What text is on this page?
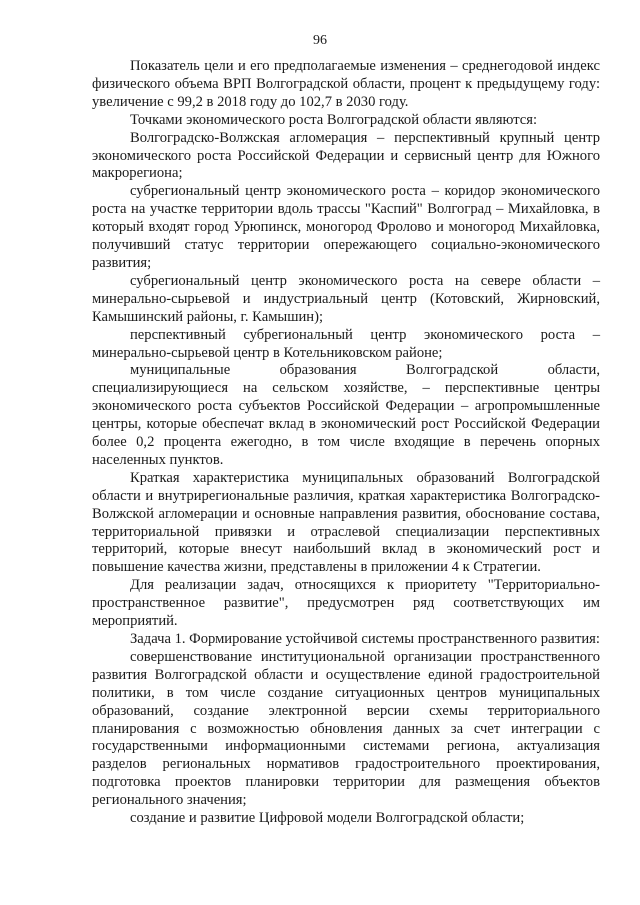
96

Показатель цели и его предполагаемые изменения – среднегодовой индекс физического объема ВРП Волгоградской области, процент к предыдущему году: увеличение с 99,2 в 2018 году до 102,7 в 2030 году.

Точками экономического роста Волгоградской области являются:

Волгоградско-Волжская агломерация – перспективный крупный центр экономического роста Российской Федерации и сервисный центр для Южного макрорегиона;

субрегиональный центр экономического роста – коридор экономического роста на участке территории вдоль трассы "Каспий" Волгоград – Михайловка, в который входят город Урюпинск, моногород Фролово и моногород Михайловка, получивший статус территории опережающего социально-экономического развития;

субрегиональный центр экономического роста на севере области – минерально-сырьевой и индустриальный центр (Котовский, Жирновский, Камышинский районы, г. Камышин);

перспективный субрегиональный центр экономического роста – минерально-сырьевой центр в Котельниковском районе;

муниципальные образования Волгоградской области, специализирующиеся на сельском хозяйстве, – перспективные центры экономического роста субъектов Российской Федерации – агропромышленные центры, которые обеспечат вклад в экономический рост Российской Федерации более 0,2 процента ежегодно, в том числе входящие в перечень опорных населенных пунктов.

Краткая характеристика муниципальных образований Волгоградской области и внутрирегиональные различия, краткая характеристика Волгоградско-Волжской агломерации и основные направления развития, обоснование состава, территориальной привязки и отраслевой специализации перспективных территорий, которые внесут наибольший вклад в экономический рост и повышение качества жизни, представлены в приложении 4 к Стратегии.

Для реализации задач, относящихся к приоритету "Территориально-пространственное развитие", предусмотрен ряд соответствующих им мероприятий.

Задача 1. Формирование устойчивой системы пространственного развития:

совершенствование институциональной организации пространственного развития Волгоградской области и осуществление единой градостроительной политики, в том числе создание ситуационных центров муниципальных образований, создание электронной версии схемы территориального планирования с возможностью обновления данных за счет интеграции с государственными информационными системами региона, актуализация разделов региональных нормативов градостроительного проектирования, подготовка проектов планировки территории для размещения объектов регионального значения;

создание и развитие Цифровой модели Волгоградской области;
